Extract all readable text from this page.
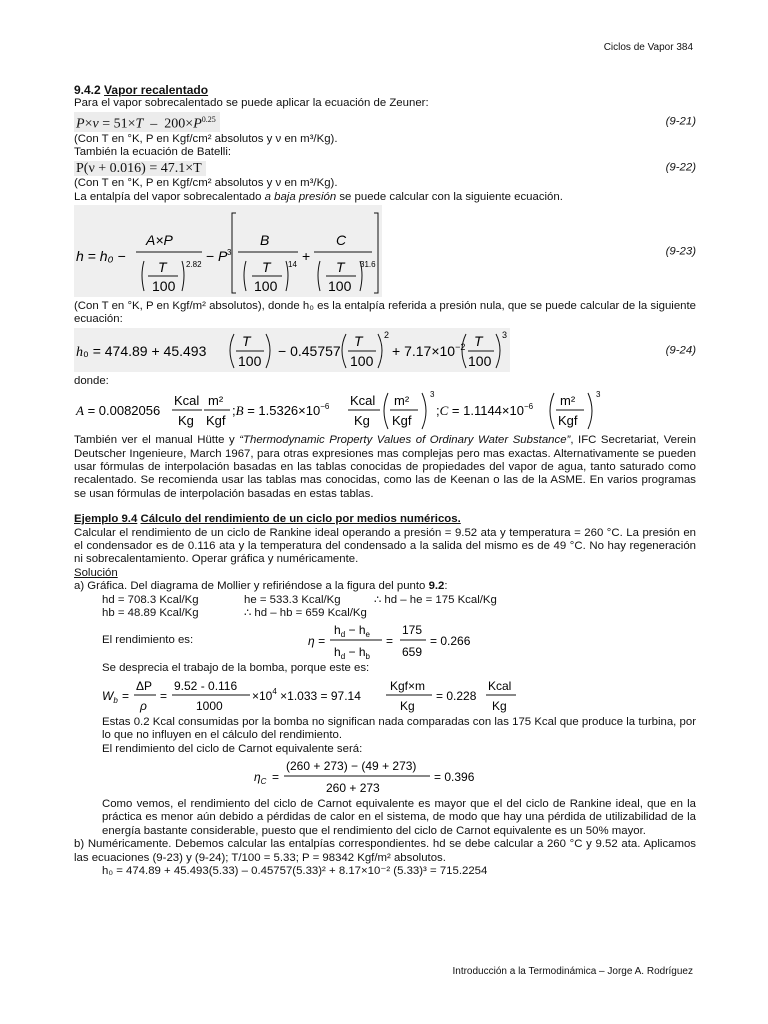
Ciclos de Vapor 384

9.4.2 Vapor recalentado

Para el vapor sobrecalentado se puede aplicar la ecuación de Zeuner:

$P\times v = 51\times T - 200\times P^{0.25}$	(9-21)

(Con T en °K, P en Kgf/cm² absolutos y ν en m³/Kg).

También la ecuación de Batelli:

P(ν + 0.016) = 47.1×T	(9-22)

(Con T en °K, P en Kgf/cm² absolutos y ν en m³/Kg).

La entalpía del vapor sobrecalentado a baja presión se puede calcular con la siguiente ecuación.

h = h₀ −
A×P
T
100
2.82
− P 3
B
T
100
14
+
C
T
100
31.6
(9-23)

(Con T en °K, P en Kgf/m² absolutos), donde h₀ es la entalpía referida a presión nula, que se puede calcular de la siguiente ecuación:

h₀ = 474.89 + 45.493
T
100
− 0.45757
T
100
2
+ $7.17\times 10^{-2}$ T
100
3
(9-24)

donde:

A = 0.0082056
Kcal
Kg
m²
Kgf
;B = $1.5326\times 10^{-6}$ Kcal
Kg
m²
Kgf
3
;C = $1.1144\times 10^{-6}$ m²
Kgf
3

También ver el manual Hütte y “Thermodynamic Property Values of Ordinary Water Substance”, IFC Secretariat, Verein Deutscher Ingenieure, March 1967, para otras expresiones mas complejas pero mas exactas. Alternativamente se pueden usar fórmulas de interpolación basadas en las tablas conocidas de propiedades del vapor de agua, tanto saturado como recalentado. Se recomienda usar las tablas mas conocidas, como las de Keenan o las de la ASME. En varios programas se usan fórmulas de interpolación basadas en estas tablas.

Ejemplo 9.4 Cálculo del rendimiento de un ciclo por medios numéricos.

Calcular el rendimiento de un ciclo de Rankine ideal operando a presión = 9.52 ata y temperatura = 260 °C. La presión en el condensador es de 0.116 ata y la temperatura del condensado a la salida del mismo es de 49 °C. No hay regeneración ni sobrecalentamiento. Operar gráfica y numéricamente.

Solución

a) Gráfica. Del diagrama de Mollier y refiriéndose a la figura del punto 9.2:

hd = 708.3 Kcal/Kg	he = 533.3 Kcal/Kg	∴ hd – he = 175 Kcal/Kg
hb = 48.89 Kcal/Kg	∴ hd – hb = 659 Kcal/Kg
El rendimiento es:	η =
$h_d - h_e$
$h_d - h_b$
=
175
659
= 0.266

Se desprecia el trabajo de la bomba, porque este es:

$W_b$ =
ΔP
ρ
=
9.52 - 0.116
1000
$\times 10^4 \times 1.033 = 97.14$
Kgf×m
Kg
= 0.228
Kcal
Kg

Estas 0.2 Kcal consumidas por la bomba no significan nada comparadas con las 175 Kcal que produce la turbina, por lo que no influyen en el cálculo del rendimiento.

El rendimiento del ciclo de Carnot equivalente será:

$\eta_C$ =
(260 + 273) − (49 + 273)
260 + 273
= 0.396

Como vemos, el rendimiento del ciclo de Carnot equivalente es mayor que el del ciclo de Rankine ideal, que en la práctica es menor aún debido a pérdidas de calor en el sistema, de modo que hay una pérdida de utilizabilidad de la energía bastante considerable, puesto que el rendimiento del ciclo de Carnot equivalente es un 50% mayor.

b) Numéricamente. Debemos calcular las entalpías correspondientes. hd se debe calcular a 260 °C y 9.52 ata. Aplicamos las ecuaciones (9-23) y (9-24); T/100 = 5.33; P = 98342 Kgf/m² absolutos.

h₀ = 474.89 + 45.493(5.33) – 0.45757(5.33)² + 8.17×10⁻² (5.33)³ = 715.2254

Introducción a la Termodinámica – Jorge A. Rodríguez
